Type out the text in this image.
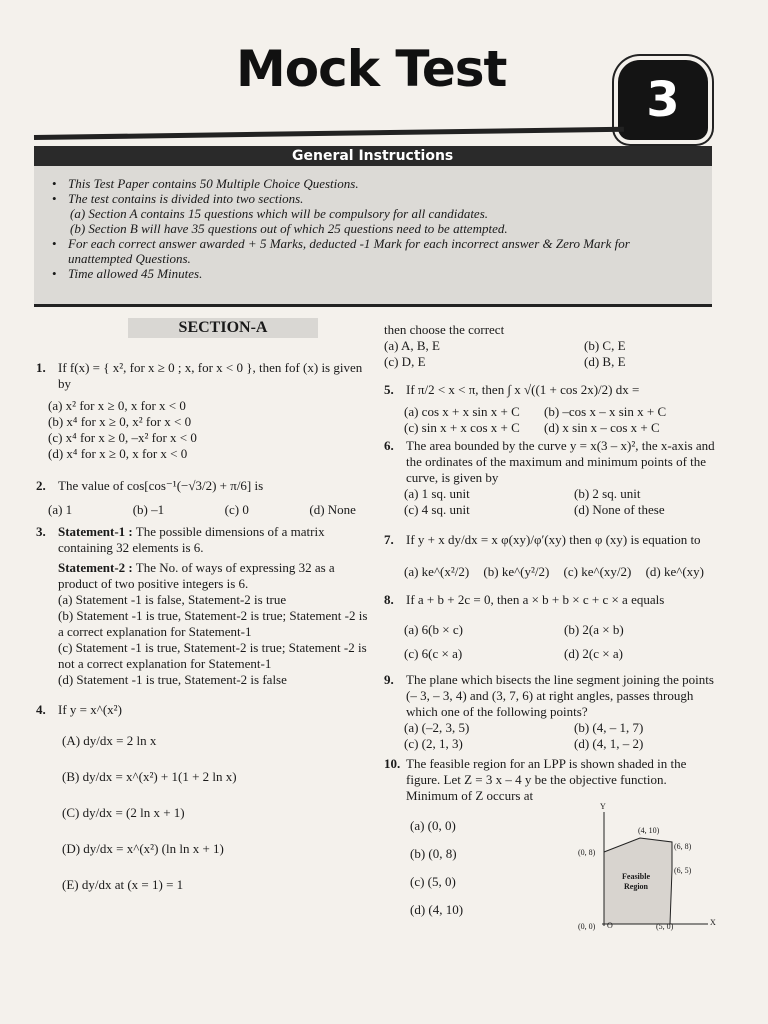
Mock Test
3
General Instructions
• This Test Paper contains 50 Multiple Choice Questions.
• The test contains is divided into two sections.
(a) Section A contains 15 questions which will be compulsory for all candidates.
(b) Section B will have 35 questions out of which 25 questions need to be attempted.
• For each correct answer awarded + 5 Marks, deducted -1 Mark for each incorrect answer & Zero Mark for unattempted Questions.
• Time allowed 45 Minutes.
SECTION-A
1. If f(x) = { x², for x ≥ 0 ; x, for x < 0 }, then fof (x) is given by
(a) x² for x ≥ 0, x for x < 0
(b) x⁴ for x ≥ 0, x² for x < 0
(c) x⁴ for x ≥ 0, –x² for x < 0
(d) x⁴ for x ≥ 0, x for x < 0
2. The value of cos[cos⁻¹(−√3/2) + π/6] is
(a) 1	(b) –1	(c) 0	(d) None
3. Statement-1 : The possible dimensions of a matrix containing 32 elements is 6.
Statement-2 : The No. of ways of expressing 32 as a product of two positive integers is 6.
(a) Statement -1 is false, Statement-2 is true
(b) Statement -1 is true, Statement-2 is true; Statement -2 is a correct explanation for Statement-1
(c) Statement -1 is true, Statement-2 is true; Statement -2 is not a correct explanation for Statement-1
(d) Statement -1 is true, Statement-2 is false
4. If y = x^(x²)
(A) dy/dx = 2 ln x
(B) dy/dx = x^(x²) + 1(1 + 2 ln x)
(C) dy/dx = (2 ln x + 1)
(D) dy/dx = x^(x²) (ln ln x + 1)
(E) dy/dx at (x = 1) = 1
then choose the correct
(a) A, B, E	(b) C, E
(c) D, E	(d) B, E
5. If π/2 < x < π, then ∫ x √((1 + cos 2x)/2) dx =
(a) cos x + x sin x + C (b) –cos x – x sin x + C
(c) sin x + x cos x + C (d) x sin x – cos x + C
6. The area bounded by the curve y = x(3 – x)², the x-axis and the ordinates of the maximum and minimum points of the curve, is given by
(a) 1 sq. unit	(b) 2 sq. unit
(c) 4 sq. unit	(d) None of these
7. If y + x dy/dx = x φ(xy)/φ′(xy) then φ (xy) is equation to
(a) ke^(x²/2) (b) ke^(y²/2) (c) ke^(xy/2) (d) ke^(xy)
8. If a + b + 2c = 0, then a × b + b × c + c × a equals
(a) 6(b × c)	(b) 2(a × b)
(c) 6(c × a)	(d) 2(c × a)
9. The plane which bisects the line segment joining the points (– 3, – 3, 4) and (3, 7, 6) at right angles, passes through which one of the following points?
(a) (–2, 3, 5)	(b) (4, – 1, 7)
(c) (2, 1, 3)	(d) (4, 1, – 2)
10. The feasible region for an LPP is shown shaded in the figure. Let Z = 3 x – 4 y be the objective function. Minimum of Z occurs at
(a) (0, 0)
(b) (0, 8)
(c) (5, 0)
(d) (4, 10)
Y
X
(4, 10)
(0, 8)
(6, 8)
(6, 5)
(0, 0) O	(5, 0)
Feasible
Region
